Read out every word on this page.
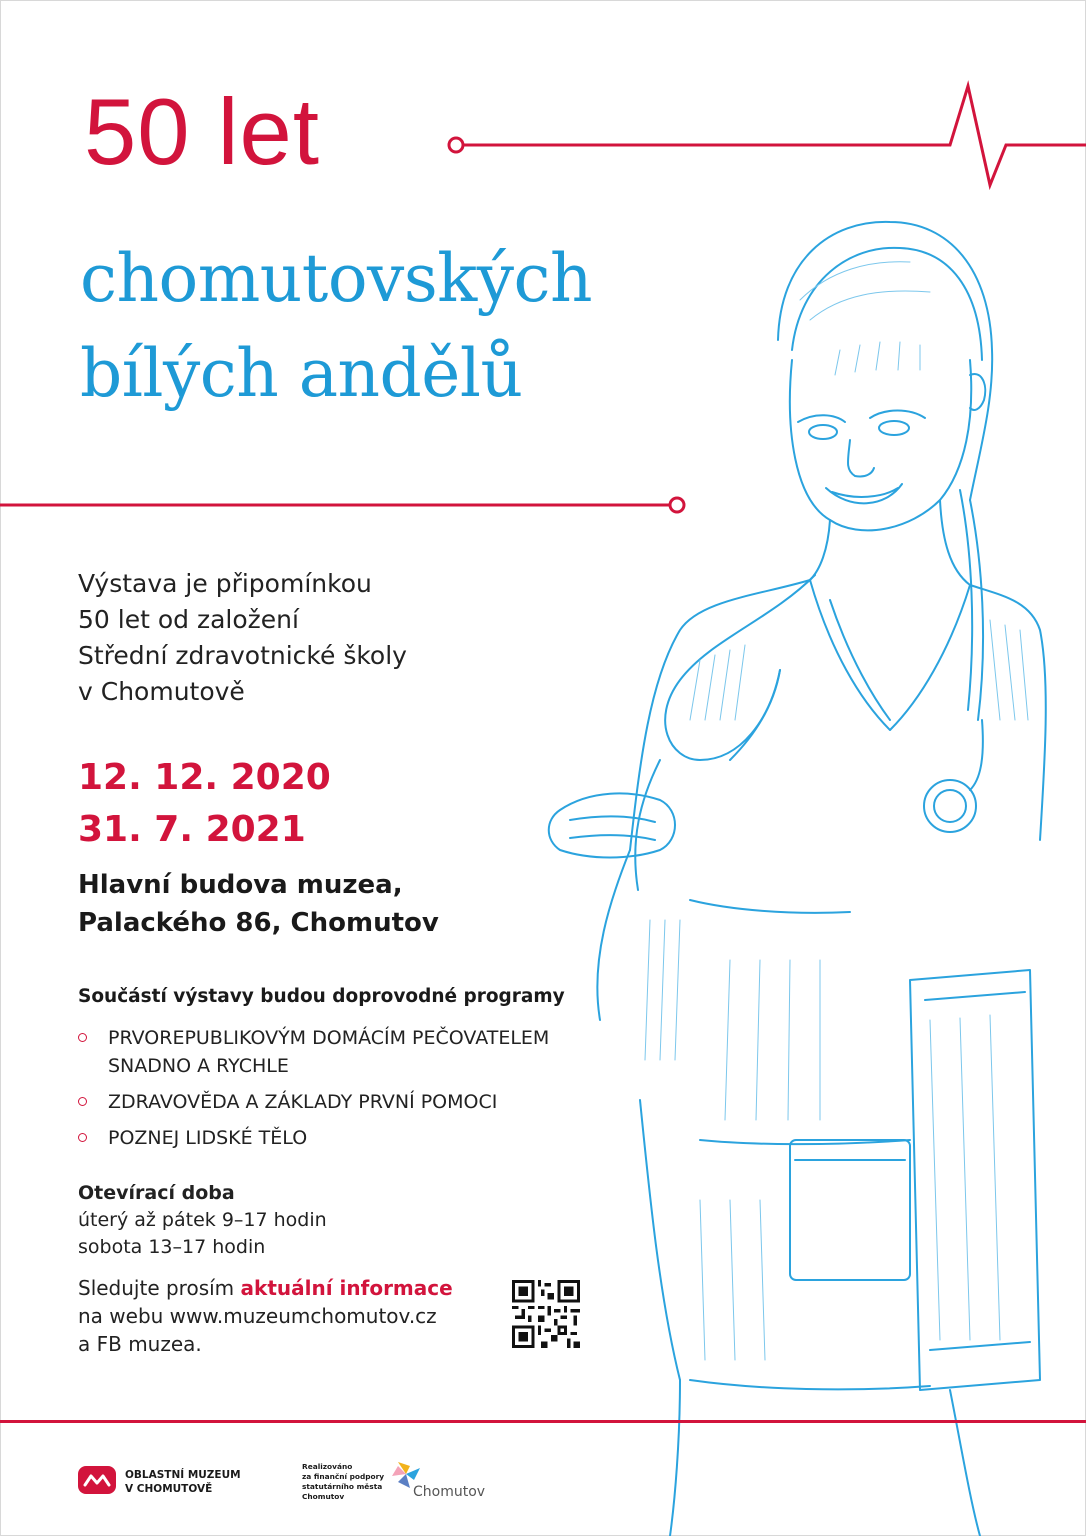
50 let
chomutovských
bílých andělů
Výstava je připomínkou
50 let od založení
Střední zdravotnické školy
v Chomutově
12. 12. 2020
31. 7. 2021
Hlavní budova muzea,
Palackého 86, Chomutov
Součástí výstavy budou doprovodné programy
PRVOREPUBLIKOVÝM DOMÁCÍM PEČOVATELEM SNADNO A RYCHLE
ZDRAVOVĚDA A ZÁKLADY PRVNÍ POMOCI
POZNEJ LIDSKÉ TĚLO
Otevírací doba
úterý až pátek 9–17 hodin
sobota 13–17 hodin
Sledujte prosím aktuální informace
na webu www.muzeumchomutov.cz
a FB muzea.
OBLASTNÍ MUZEUM
V CHOMUTOVĚ
Realizováno
za finanční podpory
statutárního města
Chomutov	Chomutov
